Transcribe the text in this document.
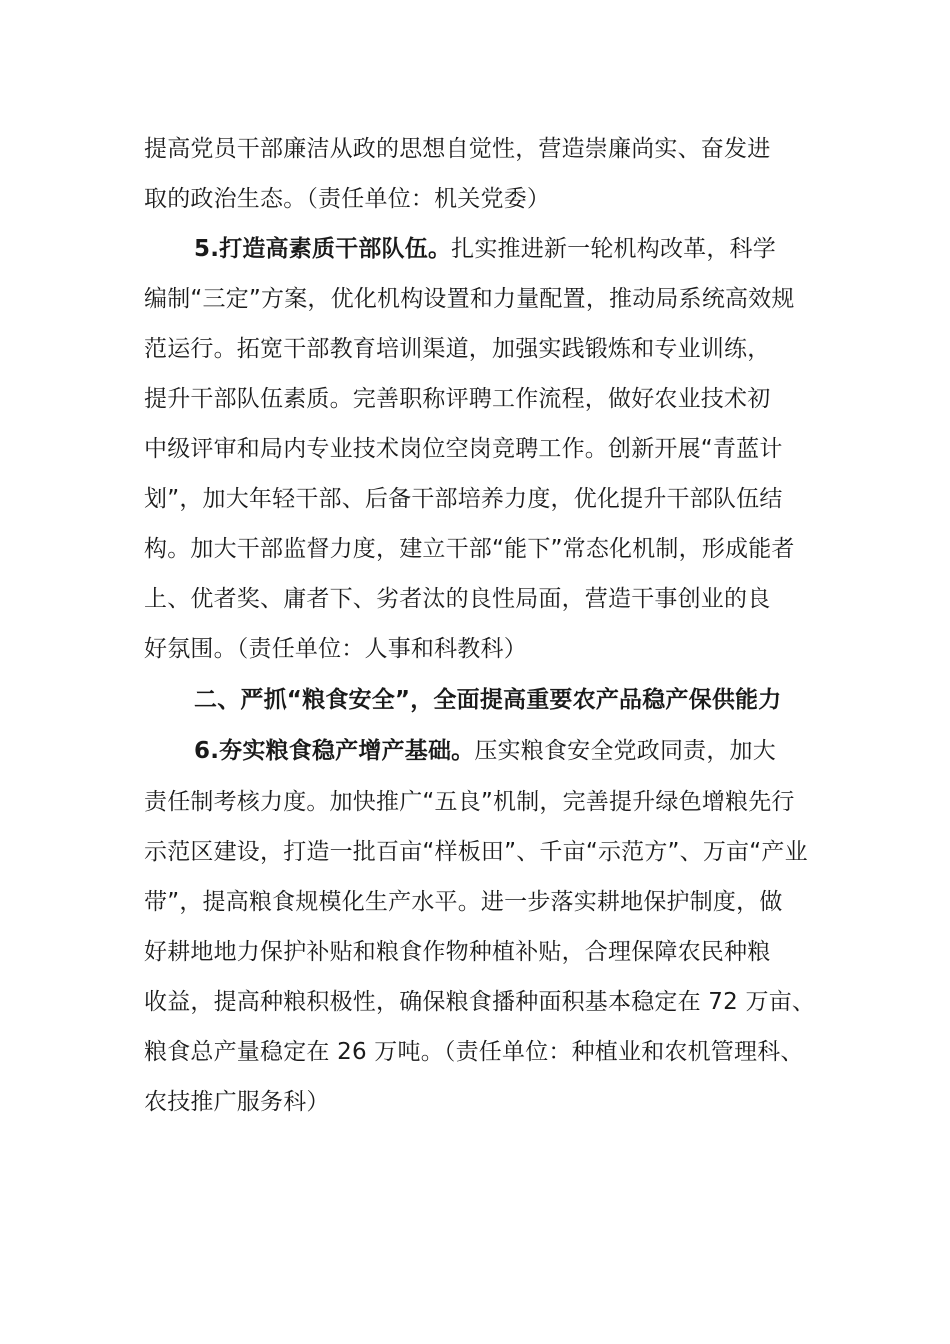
提高党员干部廉洁从政的思想自觉性，营造崇廉尚实、奋发进
取的政治生态。（责任单位：机关党委）
5.打造高素质干部队伍。扎实推进新一轮机构改革，科学
编制“三定”方案，优化机构设置和力量配置，推动局系统高效规
范运行。拓宽干部教育培训渠道，加强实践锻炼和专业训练，
提升干部队伍素质。完善职称评聘工作流程，做好农业技术初
中级评审和局内专业技术岗位空岗竞聘工作。创新开展“青蓝计
划”，加大年轻干部、后备干部培养力度，优化提升干部队伍结
构。加大干部监督力度，建立干部“能下”常态化机制，形成能者
上、优者奖、庸者下、劣者汰的良性局面，营造干事创业的良
好氛围。（责任单位：人事和科教科）
二、严抓“粮食安全”，全面提高重要农产品稳产保供能力
6.夯实粮食稳产增产基础。压实粮食安全党政同责，加大
责任制考核力度。加快推广“五良”机制，完善提升绿色增粮先行
示范区建设，打造一批百亩“样板田”、千亩“示范方”、万亩“产业
带”，提高粮食规模化生产水平。进一步落实耕地保护制度，做
好耕地地力保护补贴和粮食作物种植补贴，合理保障农民种粮
收益，提高种粮积极性，确保粮食播种面积基本稳定在 72 万亩、
粮食总产量稳定在 26 万吨。（责任单位：种植业和农机管理科、
农技推广服务科）
